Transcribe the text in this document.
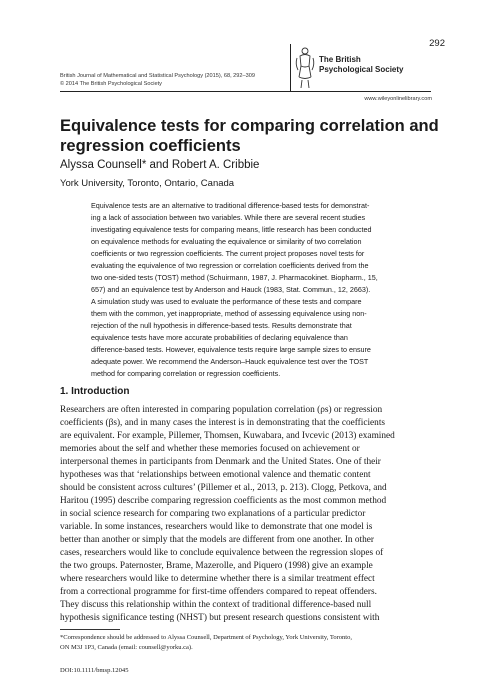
292
British Journal of Mathematical and Statistical Psychology (2015), 68, 292–309
© 2014 The British Psychological Society
The British
Psychological Society
www.wileyonlinelibrary.com
Equivalence tests for comparing correlation and
regression coefficients
Alyssa Counsell* and Robert A. Cribbie
York University, Toronto, Ontario, Canada
Equivalence tests are an alternative to traditional difference-based tests for demonstrat-
ing a lack of association between two variables. While there are several recent studies
investigating equivalence tests for comparing means, little research has been conducted
on equivalence methods for evaluating the equivalence or similarity of two correlation
coefficients or two regression coefficients. The current project proposes novel tests for
evaluating the equivalence of two regression or correlation coefficients derived from the
two one-sided tests (TOST) method (Schuirmann, 1987, J. Pharmacokinet. Biopharm., 15,
657) and an equivalence test by Anderson and Hauck (1983, Stat. Commun., 12, 2663).
A simulation study was used to evaluate the performance of these tests and compare
them with the common, yet inappropriate, method of assessing equivalence using non-
rejection of the null hypothesis in difference-based tests. Results demonstrate that
equivalence tests have more accurate probabilities of declaring equivalence than
difference-based tests. However, equivalence tests require large sample sizes to ensure
adequate power. We recommend the Anderson–Hauck equivalence test over the TOST
method for comparing correlation or regression coefficients.
1. Introduction
Researchers are often interested in comparing population correlation (ρs) or regression
coefficients (βs), and in many cases the interest is in demonstrating that the coefficients
are equivalent. For example, Pillemer, Thomsen, Kuwabara, and Ivcevic (2013) examined
memories about the self and whether these memories focused on achievement or
interpersonal themes in participants from Denmark and the United States. One of their
hypotheses was that ‘relationships between emotional valence and thematic content
should be consistent across cultures’ (Pillemer et al., 2013, p. 213). Clogg, Petkova, and
Haritou (1995) describe comparing regression coefficients as the most common method
in social science research for comparing two explanations of a particular predictor
variable. In some instances, researchers would like to demonstrate that one model is
better than another or simply that the models are different from one another. In other
cases, researchers would like to conclude equivalence between the regression slopes of
the two groups. Paternoster, Brame, Mazerolle, and Piquero (1998) give an example
where researchers would like to determine whether there is a similar treatment effect
from a correctional programme for first-time offenders compared to repeat offenders.
They discuss this relationship within the context of traditional difference-based null
hypothesis significance testing (NHST) but present research questions consistent with
*Correspondence should be addressed to Alyssa Counsell, Department of Psychology, York University, Toronto,
ON M3J 1P3, Canada (email: counsell@yorku.ca).
DOI:10.1111/bmsp.12045
